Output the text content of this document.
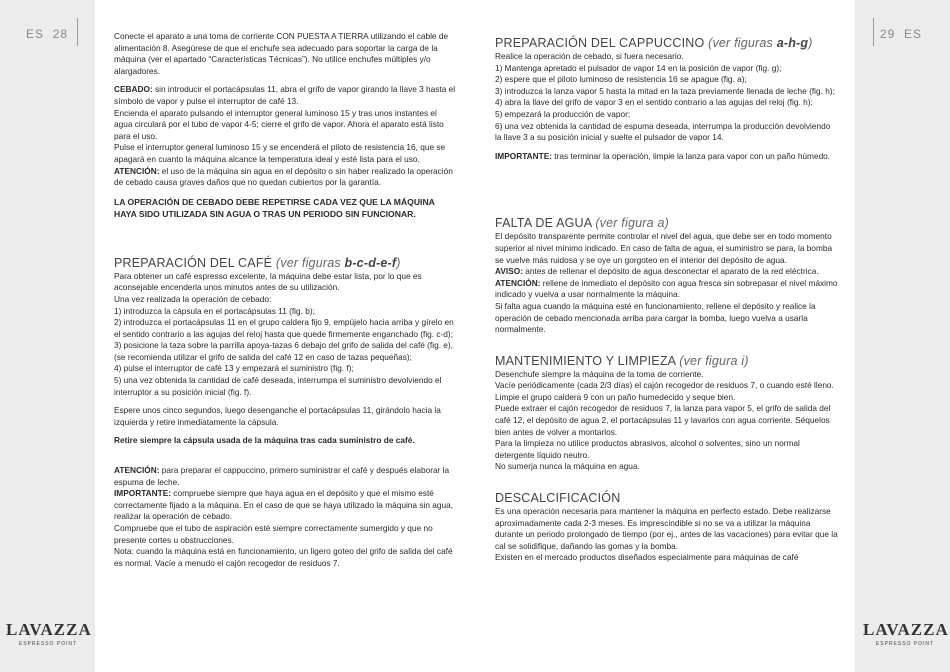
ES 28	29 ES
LAVAZZA
ESPRESSO POINT
LAVAZZA
ESPRESSO POINT

Conecte el aparato a una toma de corriente CON PUESTA A TIERRA utilizando el cable de alimentación 8. Asegúrese de que el enchufe sea adecuado para soportar la carga de la máquina (ver el apartado “Características Técnicas”). No utilice enchufes múltiples y/o alargadores.

CEBADO: sin introducir el portacápsulas 11, abra el grifo de vapor girando la llave 3 hasta el símbolo de vapor y pulse el interruptor de café 13.

Encienda el aparato pulsando el interruptor general luminoso 15 y tras unos instantes el agua circulará por el tubo de vapor 4-5; cierre el grifo de vapor. Ahora el aparato está listo para el uso.

Pulse el interruptor general luminoso 15 y se encenderá el piloto de resistencia 16, que se apagará en cuanto la máquina alcance la temperatura ideal y esté lista para el uso.

ATENCIÓN: el uso de la máquina sin agua en el depósito o sin haber realizado la operación de cebado causa graves daños que no quedan cubiertos por la garantía.

LA OPERACIÓN DE CEBADO DEBE REPETIRSE CADA VEZ QUE LA MÁQUINA HAYA SIDO UTILIZADA SIN AGUA O TRAS UN PERIODO SIN FUNCIONAR.

PREPARACIÓN DEL CAFÉ (ver figuras b-c-d-e-f)

Para obtener un café espresso excelente, la máquina debe estar lista, por lo que es aconsejable encenderla unos minutos antes de su utilización.

Una vez realizada la operación de cebado:

1) introduzca la cápsula en el portacápsulas 11 (fig. b);

2) introduzca el portacápsulas 11 en el grupo caldera fijo 9, empújelo hacia arriba y gírelo en el sentido contrario a las agujas del reloj hasta que quede firmemente enganchado (fig. c-d);

3) posicione la taza sobre la parrilla apoya-tazas 6 debajo del grifo de salida del café (fig. e), (se recomienda utilizar el grifo de salida del café 12 en caso de tazas pequeñas);

4) pulse el interruptor de café 13 y empezará el suministro (fig. f);

5) una vez obtenida la cantidad de café deseada, interrumpa el suministro devolviendo el interruptor a su posición inicial (fig. f).

Espere unos cinco segundos, luego desenganche el portacápsulas 11, girándolo hacia la izquierda y retire inmediatamente la cápsula.

Retire siempre la cápsula usada de la máquina tras cada suministro de café.

ATENCIÓN: para preparar el cappuccino, primero suministrar el café y después elaborar la espuma de leche.

IMPORTANTE: compruebe siempre que haya agua en el depósito y que el mismo esté correctamente fijado a la máquina. En el caso de que se haya utilizado la máquina sin agua, realizar la operación de cebado.

Compruebe que el tubo de aspiración esté siempre correctamente sumergido y que no presente cortes u obstrucciones.

Nota: cuando la máquina está en funcionamiento, un ligero goteo del grifo de salida del café es normal. Vacíe a menudo el cajón recogedor de residuos 7.

PREPARACIÓN DEL CAPPUCCINO (ver figuras a-h-g)

Realice la operación de cebado, si fuera necesario.

1) Mantenga apretado el pulsador de vapor 14 en la posición de vapor (fig. g);

2) espere que el piloto luminoso de resistencia 16 se apague (fig. a);

3) introduzca la lanza vapor 5 hasta la mitad en la taza previamente llenada de leche (fig. h);

4) abra la llave del grifo de vapor 3 en el sentido contrario a las agujas del reloj (fig. h);

5) empezará la producción de vapor;

6) una vez obtenida la cantidad de espuma deseada, interrumpa la producción devolviendo la llave 3 a su posición inicial y suelte el pulsador de vapor 14.

IMPORTANTE: tras terminar la operación, limpie la lanza para vapor con un paño húmedo.

FALTA DE AGUA (ver figura a)

El depósito transparente permite controlar el nivel del agua, que debe ser en todo momento superior al nivel mínimo indicado. En caso de falta de agua, el suministro se para, la bomba se vuelve más ruidosa y se oye un gorgoteo en el interior del depósito de agua.

AVISO: antes de rellenar el depósito de agua desconectar el aparato de la red eléctrica.

ATENCIÓN: rellene de inmediato el depósito con agua fresca sin sobrepasar el nivel máximo indicado y vuelva a usar normalmente la máquina.

Si falta agua cuando la máquina esté en funcionamiento, rellene el depósito y realice la operación de cebado mencionada arriba para cargar la bomba, luego vuelva a usarla normalmente.

MANTENIMIENTO Y LIMPIEZA (ver figura i)

Desenchufe siempre la máquina de la toma de corriente.

Vacíe periódicamente (cada 2/3 días) el cajón recogedor de residuos 7, o cuando esté lleno.

Limpie el grupo caldera 9 con un paño humedecido y seque bien.

Puede extraer el cajón recogedor de residuos 7, la lanza para vapor 5, el grifo de salida del café 12, el depósito de agua 2, el portacápsulas 11 y lavarlos con agua corriente. Séquelos bien antes de volver a montarlos.

Para la limpieza no utilice productos abrasivos, alcohol o solventes, sino un normal detergente líquido neutro.

No sumerja nunca la máquina en agua.

DESCALCIFICACIÓN

Es una operación necesaria para mantener la máquina en perfecto estado. Debe realizarse aproximadamente cada 2-3 meses. Es imprescindible si no se va a utilizar la máquina durante un periodo prolongado de tiempo (por ej., antes de las vacaciones) para evitar que la cal se solidifique, dañando las gomas y la bomba.

Existen en el mercado productos diseñados especialmente para máquinas de café
